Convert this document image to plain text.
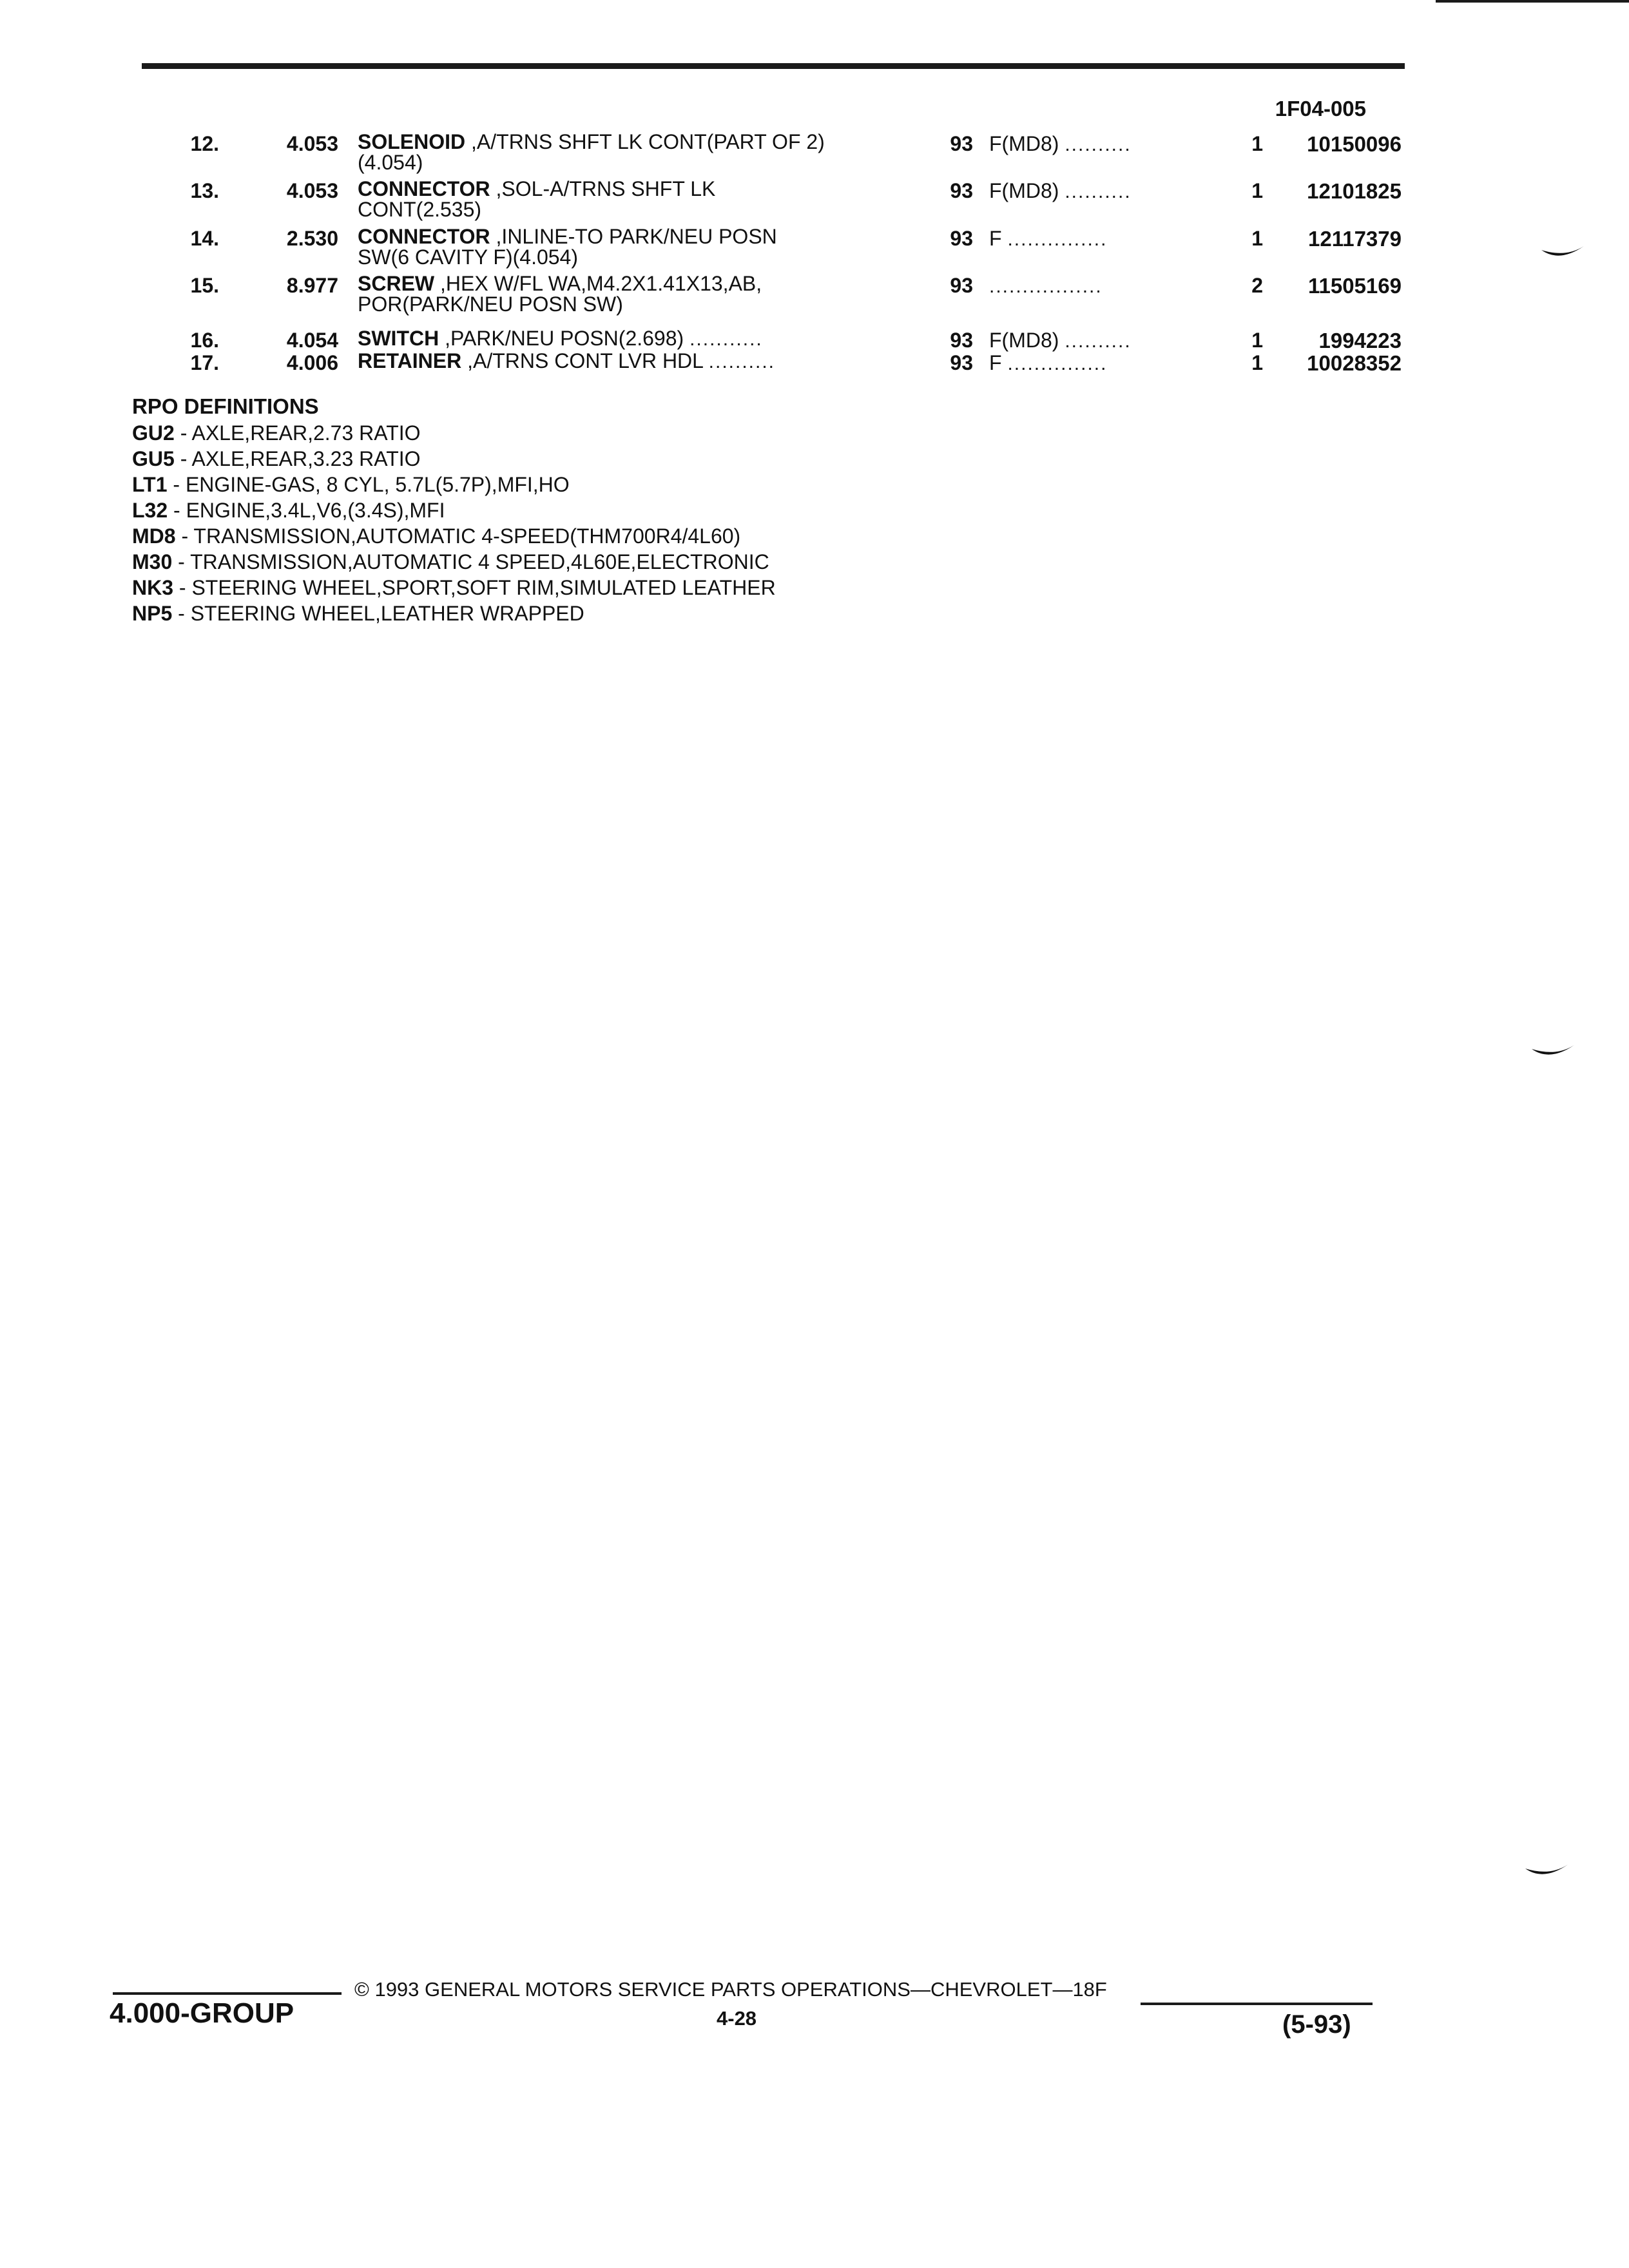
1F04-005
12.	4.053 SOLENOID ,A/TRNS SHFT LK CONT(PART OF 2)
(4.054)
93 F(MD8) ..........	1	10150096
13.	4.053 CONNECTOR ,SOL-A/TRNS SHFT LK
CONT(2.535)
93 F(MD8) ..........	1	12101825
14.	2.530 CONNECTOR ,INLINE-TO PARK/NEU POSN
SW(6 CAVITY F)(4.054)
93 F ...............	1	12117379
15.	8.977 SCREW ,HEX W/FL WA,M4.2X1.41X13,AB,
POR(PARK/NEU POSN SW)
93 .................	2	11505169
16.	4.054 SWITCH ,PARK/NEU POSN(2.698) ...........	93 F(MD8) ..........	1	1994223
17.	4.006 RETAINER ,A/TRNS CONT LVR HDL ..........	93 F ...............	1	10028352
RPO DEFINITIONS
GU2 - AXLE,REAR,2.73 RATIO
GU5 - AXLE,REAR,3.23 RATIO
LT1 - ENGINE-GAS, 8 CYL, 5.7L(5.7P),MFI,HO
L32 - ENGINE,3.4L,V6,(3.4S),MFI
MD8 - TRANSMISSION,AUTOMATIC 4-SPEED(THM700R4/4L60)
M30 - TRANSMISSION,AUTOMATIC 4 SPEED,4L60E,ELECTRONIC
NK3 - STEERING WHEEL,SPORT,SOFT RIM,SIMULATED LEATHER
NP5 - STEERING WHEEL,LEATHER WRAPPED
4.000-GROUP
© 1993 GENERAL MOTORS SERVICE PARTS OPERATIONS—CHEVROLET—18F
4-28	(5-93)
